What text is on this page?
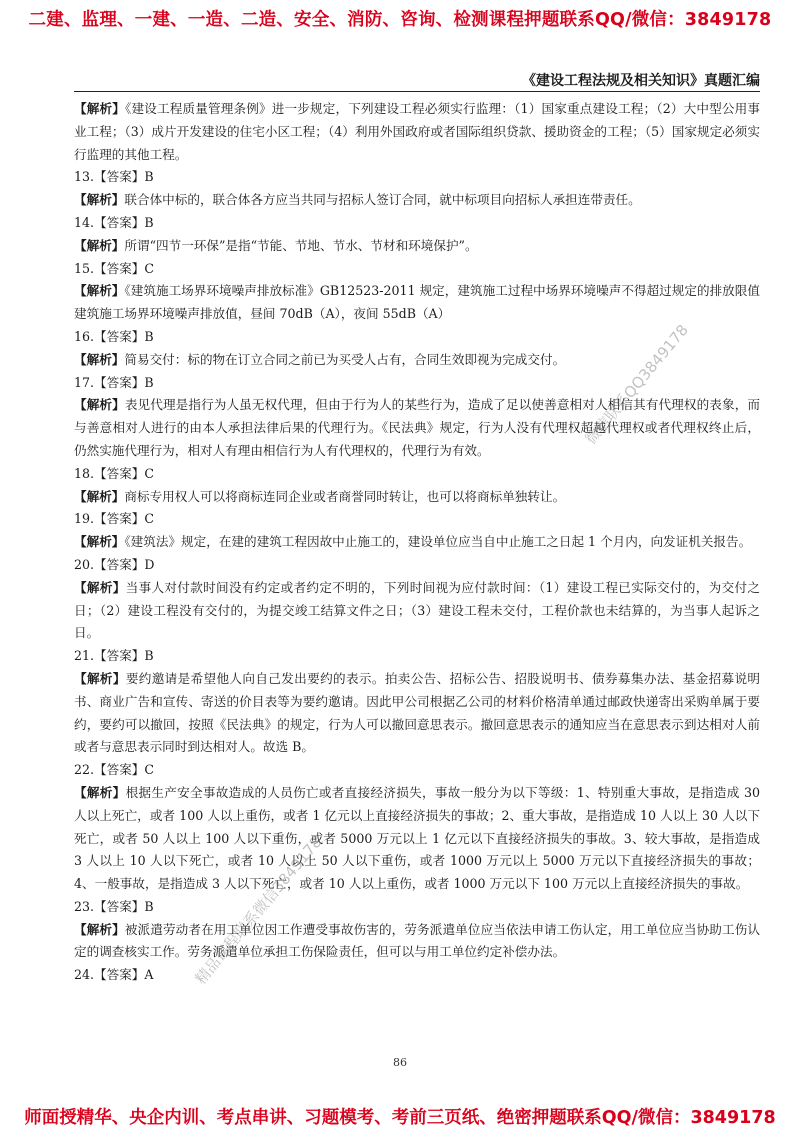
二建、监理、一建、一造、二造、安全、消防、咨询、检测课程押题联系QQ/微信：3849178
《建设工程法规及相关知识》真题汇编

【解析】《建设工程质量管理条例》进一步规定，下列建设工程必须实行监理：（1）国家重点建设工程；（2）大中型公用事业工程；（3）成片开发建设的住宅小区工程；（4）利用外国政府或者国际组织贷款、援助资金的工程；（5）国家规定必须实行监理的其他工程。

13.【答案】B

【解析】联合体中标的，联合体各方应当共同与招标人签订合同，就中标项目向招标人承担连带责任。

14.【答案】B

【解析】所谓“四节一环保”是指“节能、节地、节水、节材和环境保护”。

15.【答案】C

【解析】《建筑施工场界环境噪声排放标准》GB12523-2011 规定，建筑施工过程中场界环境噪声不得超过规定的排放限值建筑施工场界环境噪声排放值，昼间 70dB（A），夜间 55dB（A）

16.【答案】B

【解析】简易交付：标的物在订立合同之前已为买受人占有，合同生效即视为完成交付。

17.【答案】B

【解析】表见代理是指行为人虽无权代理，但由于行为人的某些行为，造成了足以使善意相对人相信其有代理权的表象，而与善意相对人进行的由本人承担法律后果的代理行为。《民法典》规定，行为人没有代理权超越代理权或者代理权终止后，仍然实施代理行为，相对人有理由相信行为人有代理权的，代理行为有效。

18.【答案】C

【解析】商标专用权人可以将商标连同企业或者商誉同时转让，也可以将商标单独转让。

19.【答案】C

【解析】《建筑法》规定，在建的建筑工程因故中止施工的，建设单位应当自中止施工之日起 1 个月内，向发证机关报告。

20.【答案】D

【解析】当事人对付款时间没有约定或者约定不明的，下列时间视为应付款时间：（1）建设工程已实际交付的，为交付之日；（2）建设工程没有交付的，为提交竣工结算文件之日；（3）建设工程未交付，工程价款也未结算的，为当事人起诉之日。

21.【答案】B

【解析】要约邀请是希望他人向自己发出要约的表示。拍卖公告、招标公告、招股说明书、债券募集办法、基金招募说明书、商业广告和宣传、寄送的价目表等为要约邀请。因此甲公司根据乙公司的材料价格清单通过邮政快递寄出采购单属于要约，要约可以撤回，按照《民法典》的规定，行为人可以撤回意思表示。撤回意思表示的通知应当在意思表示到达相对人前或者与意思表示同时到达相对人。故选 B。

22.【答案】C

【解析】根据生产安全事故造成的人员伤亡或者直接经济损失，事故一般分为以下等级：1、特别重大事故，是指造成 30 人以上死亡，或者 100 人以上重伤，或者 1 亿元以上直接经济损失的事故；2、重大事故，是指造成 10 人以上 30 人以下死亡，或者 50 人以上 100 人以下重伤，或者 5000 万元以上 1 亿元以下直接经济损失的事故。3、较大事故，是指造成 3 人以上 10 人以下死亡，或者 10 人以上 50 人以下重伤，或者 1000 万元以上 5000 万元以下直接经济损失的事故；4、一般事故，是指造成 3 人以下死亡，或者 10 人以上重伤，或者 1000 万元以下 100 万元以上直接经济损失的事故。

23.【答案】B

【解析】被派遣劳动者在用工单位因工作遭受事故伤害的，劳务派遣单位应当依法申请工伤认定，用工单位应当协助工伤认定的调查核实工作。劳务派遣单位承担工伤保险责任，但可以与用工单位约定补偿办法。

24.【答案】A

微信联系QQ3849178
精品课程联系微信3849178
86
师面授精华、央企内训、考点串讲、习题模考、考前三页纸、绝密押题联系QQ/微信：3849178
